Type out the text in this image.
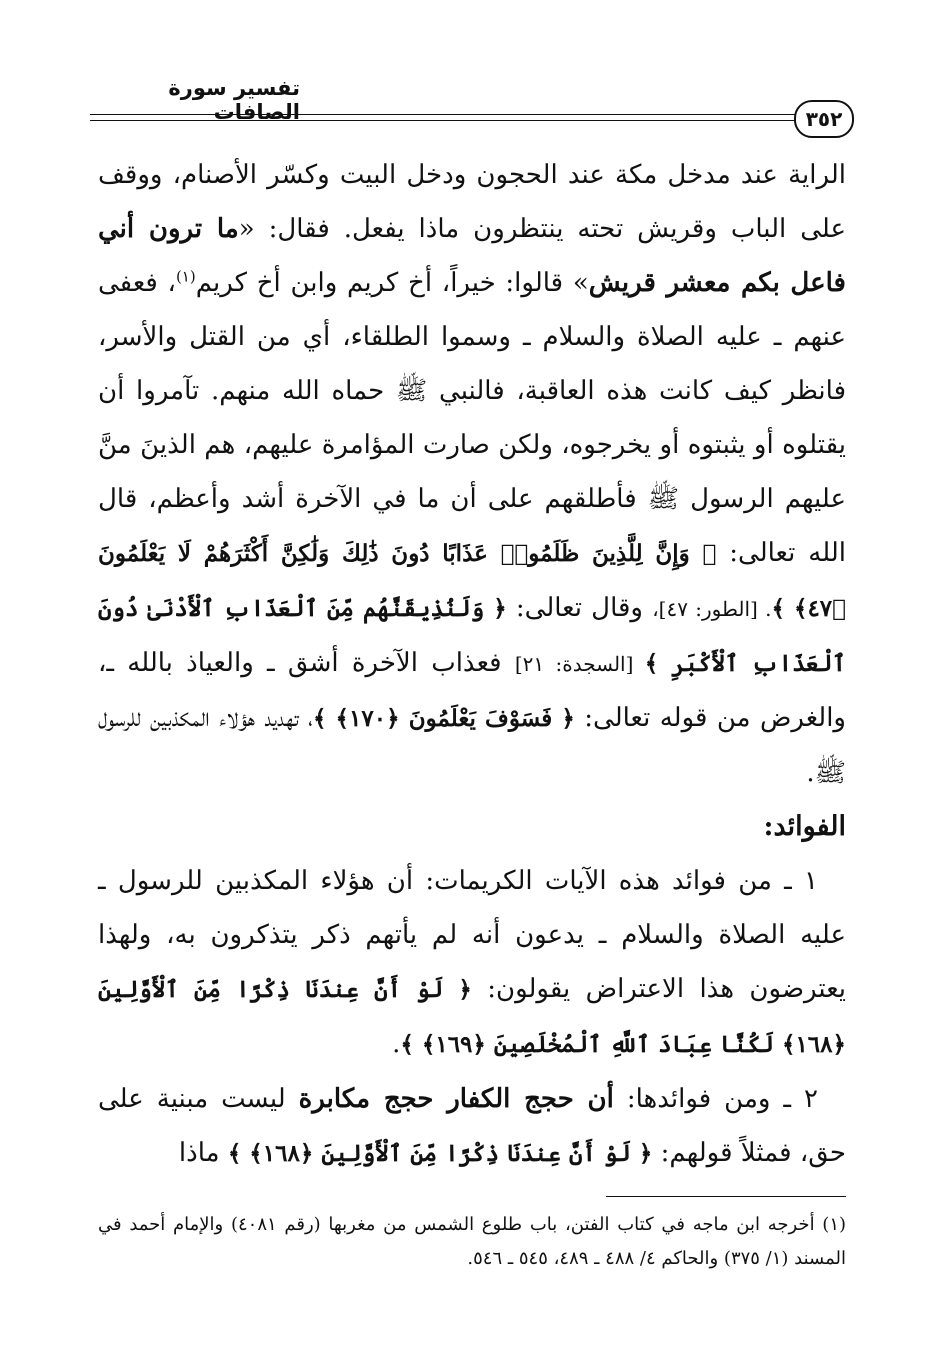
تفسير سورة الصافات	٣٥٢

الراية عند مدخل مكة عند الحجون ودخل البيت وكسّر الأصنام، ووقف على الباب وقريش تحته ينتظرون ماذا يفعل. فقال: «ما ترون أني فاعل بكم معشر قريش» قالوا: خيراً، أخ كريم وابن أخ كريم$^{(١)}$، فعفى عنهم ـ عليه الصلاة والسلام ـ وسموا الطلقاء، أي من القتل والأسر، فانظر كيف كانت هذه العاقبة، فالنبي ﷺ حماه الله منهم. تآمروا أن يقتلوه أو يثبتوه أو يخرجوه، ولكن صارت المؤامرة عليهم، هم الذينَ منَّ عليهم الرسول ﷺ فأطلقهم على أن ما في الآخرة أشد وأعظم، قال الله تعالى: ﴿ وَإِنَّ لِلَّذِينَ ظَلَمُوا۟ عَذَابًا دُونَ ذَٰلِكَ وَلَٰكِنَّ أَكْثَرَهُمْ لَا يَعْلَمُونَ ﴿٤٧﴾ ﴾. [الطور: ٤٧]، وقال تعالى: ﴿ وَلَنُذِيقَنَّهُم مِّنَ ٱلْعَذَابِ ٱلْأَدْنَىٰ دُونَ ٱلْعَذَابِ ٱلْأَكْبَرِ ﴾ [السجدة: ٢١] فعذاب الآخرة أشق ـ والعياذ بالله ـ، والغرض من قوله تعالى: ﴿ فَسَوْفَ يَعْلَمُونَ ﴿١٧٠﴾ ﴾، تهديد هؤلاء المكذبين للرسول ﷺ.

الفوائد:

١ ـ من فوائد هذه الآيات الكريمات: أن هؤلاء المكذبين للرسول ـ عليه الصلاة والسلام ـ يدعون أنه لم يأتهم ذكر يتذكرون به، ولهذا يعترضون هذا الاعتراض يقولون: ﴿ لَوْ أَنَّ عِندَنَا ذِكْرًا مِّنَ ٱلْأَوَّلِينَ ﴿١٦٨﴾ لَكُنَّا عِبَادَ ٱللَّهِ ٱلْمُخْلَصِينَ ﴿١٦٩﴾ ﴾.

٢ ـ ومن فوائدها: أن حجج الكفار حجج مكابرة ليست مبنية على حق، فمثلاً قولهم: ﴿ لَوْ أَنَّ عِندَنَا ذِكْرًا مِّنَ ٱلْأَوَّلِينَ ﴿١٦٨﴾ ﴾ ماذا

(١) أخرجه ابن ماجه في كتاب الفتن، باب طلوع الشمس من مغربها (رقم ٤٠٨١) والإمام أحمد في المسند (١/ ٣٧٥) والحاكم ٤/ ٤٨٨ ـ ٤٨٩، ٥٤٥ ـ ٥٤٦.
